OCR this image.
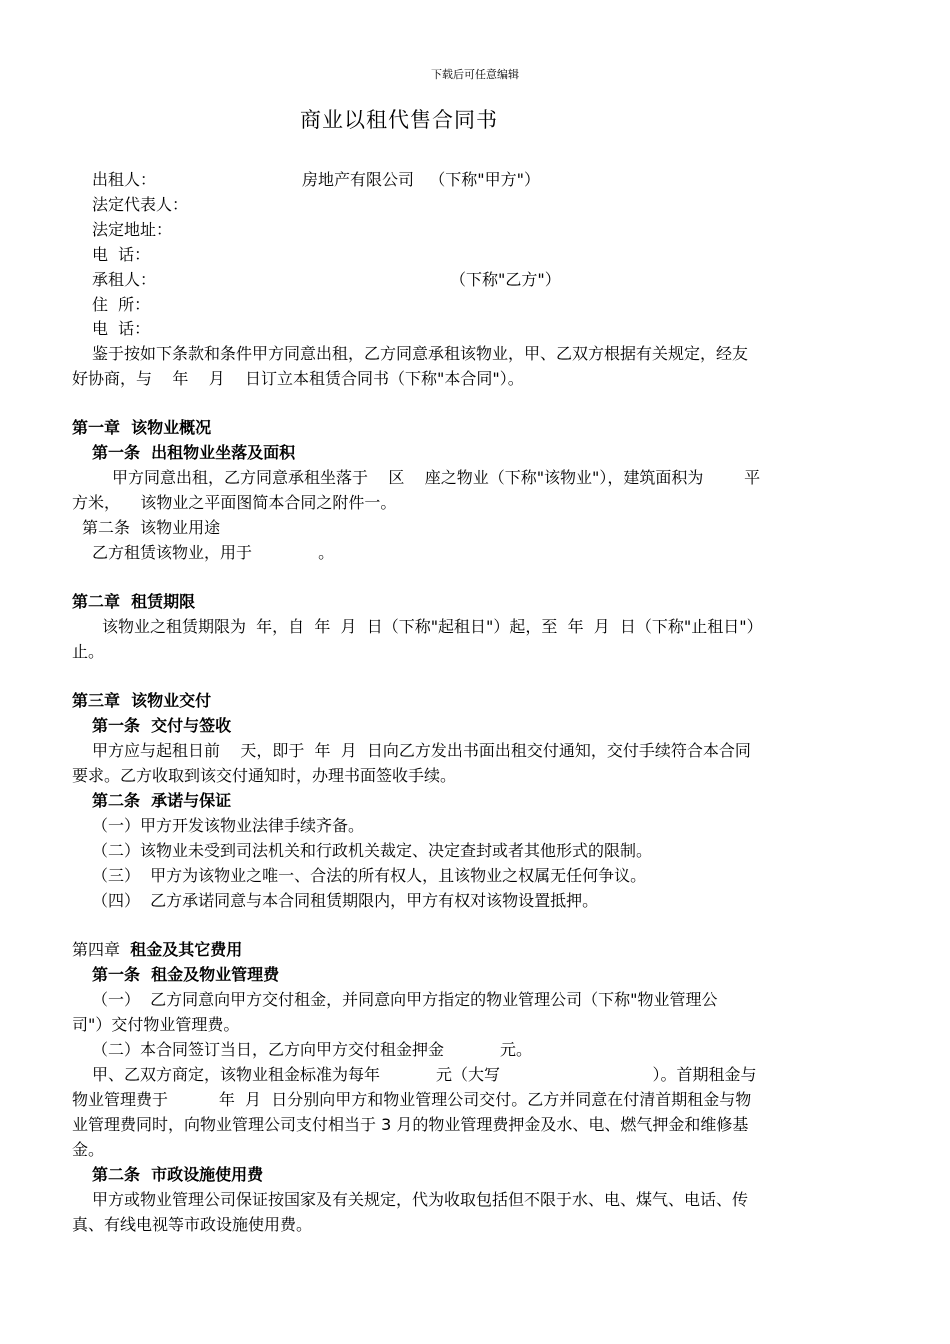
下载后可任意编辑
商业以租代售合同书
出租人：	房地产有限公司   （下称"甲方"）
法定代表人：
法定地址：
电  话：
承租人：	（下称"乙方"）
住  所：
电  话：
鉴于按如下条款和条件甲方同意出租，乙方同意承租该物业，甲、乙双方根据有关规定，经友
好协商，与    年    月    日订立本租赁合同书（下称"本合同"）。
第一章  该物业概况
第一条  出租物业坐落及面积
甲方同意出租，乙方同意承租坐落于    区    座之物业（下称"该物业"），建筑面积为        平
方米，    该物业之平面图简本合同之附件一。
第二条  该物业用途
乙方租赁该物业，用于             。
第二章  租赁期限
该物业之租赁期限为  年，自  年  月  日（下称"起租日"）起，至  年  月  日（下称"止租日"）
止。
第三章  该物业交付
第一条  交付与签收
甲方应与起租日前    天，即于  年  月  日向乙方发出书面出租交付通知，交付手续符合本合同
要求。乙方收取到该交付通知时，办理书面签收手续。
第二条  承诺与保证
（一）甲方开发该物业法律手续齐备。
（二）该物业未受到司法机关和行政机关裁定、决定查封或者其他形式的限制。
（三）  甲方为该物业之唯一、合法的所有权人，且该物业之权属无任何争议。
（四）  乙方承诺同意与本合同租赁期限内，甲方有权对该物设置抵押。
第四章  租金及其它费用
第一条  租金及物业管理费
（一）  乙方同意向甲方交付租金，并同意向甲方指定的物业管理公司（下称"物业管理公
司"）交付物业管理费。
（二）本合同签订当日，乙方向甲方交付租金押金           元。
甲、乙双方商定，该物业租金标准为每年           元（大写                              ）。首期租金与
物业管理费于          年  月  日分别向甲方和物业管理公司交付。乙方并同意在付清首期租金与物
业管理费同时，向物业管理公司支付相当于 3 月的物业管理费押金及水、电、燃气押金和维修基
金。
第二条  市政设施使用费
甲方或物业管理公司保证按国家及有关规定，代为收取包括但不限于水、电、煤气、电话、传
真、有线电视等市政设施使用费。
